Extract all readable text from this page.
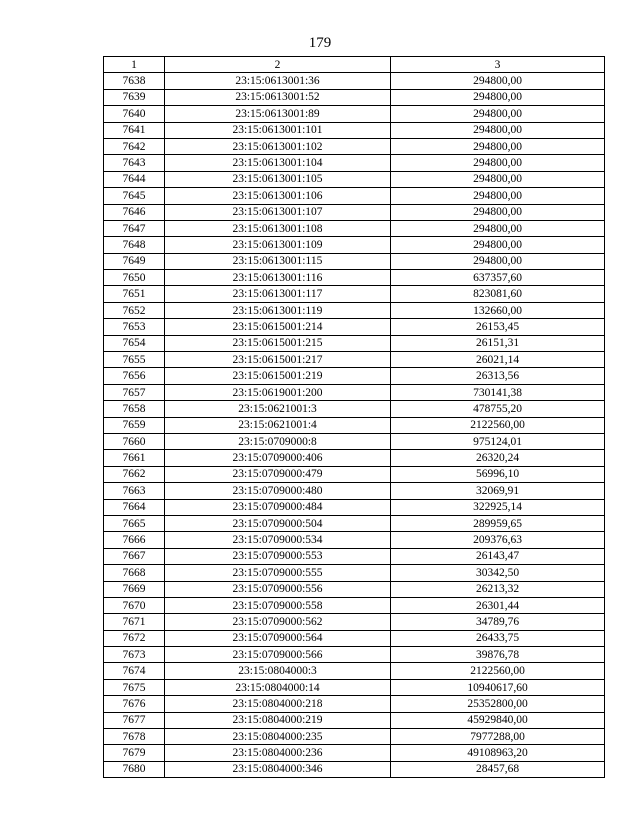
179
1	2	3
7638	23:15:0613001:36	294800,00
7639	23:15:0613001:52	294800,00
7640	23:15:0613001:89	294800,00
7641	23:15:0613001:101	294800,00
7642	23:15:0613001:102	294800,00
7643	23:15:0613001:104	294800,00
7644	23:15:0613001:105	294800,00
7645	23:15:0613001:106	294800,00
7646	23:15:0613001:107	294800,00
7647	23:15:0613001:108	294800,00
7648	23:15:0613001:109	294800,00
7649	23:15:0613001:115	294800,00
7650	23:15:0613001:116	637357,60
7651	23:15:0613001:117	823081,60
7652	23:15:0613001:119	132660,00
7653	23:15:0615001:214	26153,45
7654	23:15:0615001:215	26151,31
7655	23:15:0615001:217	26021,14
7656	23:15:0615001:219	26313,56
7657	23:15:0619001:200	730141,38
7658	23:15:0621001:3	478755,20
7659	23:15:0621001:4	2122560,00
7660	23:15:0709000:8	975124,01
7661	23:15:0709000:406	26320,24
7662	23:15:0709000:479	56996,10
7663	23:15:0709000:480	32069,91
7664	23:15:0709000:484	322925,14
7665	23:15:0709000:504	289959,65
7666	23:15:0709000:534	209376,63
7667	23:15:0709000:553	26143,47
7668	23:15:0709000:555	30342,50
7669	23:15:0709000:556	26213,32
7670	23:15:0709000:558	26301,44
7671	23:15:0709000:562	34789,76
7672	23:15:0709000:564	26433,75
7673	23:15:0709000:566	39876,78
7674	23:15:0804000:3	2122560,00
7675	23:15:0804000:14	10940617,60
7676	23:15:0804000:218	25352800,00
7677	23:15:0804000:219	45929840,00
7678	23:15:0804000:235	7977288,00
7679	23:15:0804000:236	49108963,20
7680	23:15:0804000:346	28457,68
